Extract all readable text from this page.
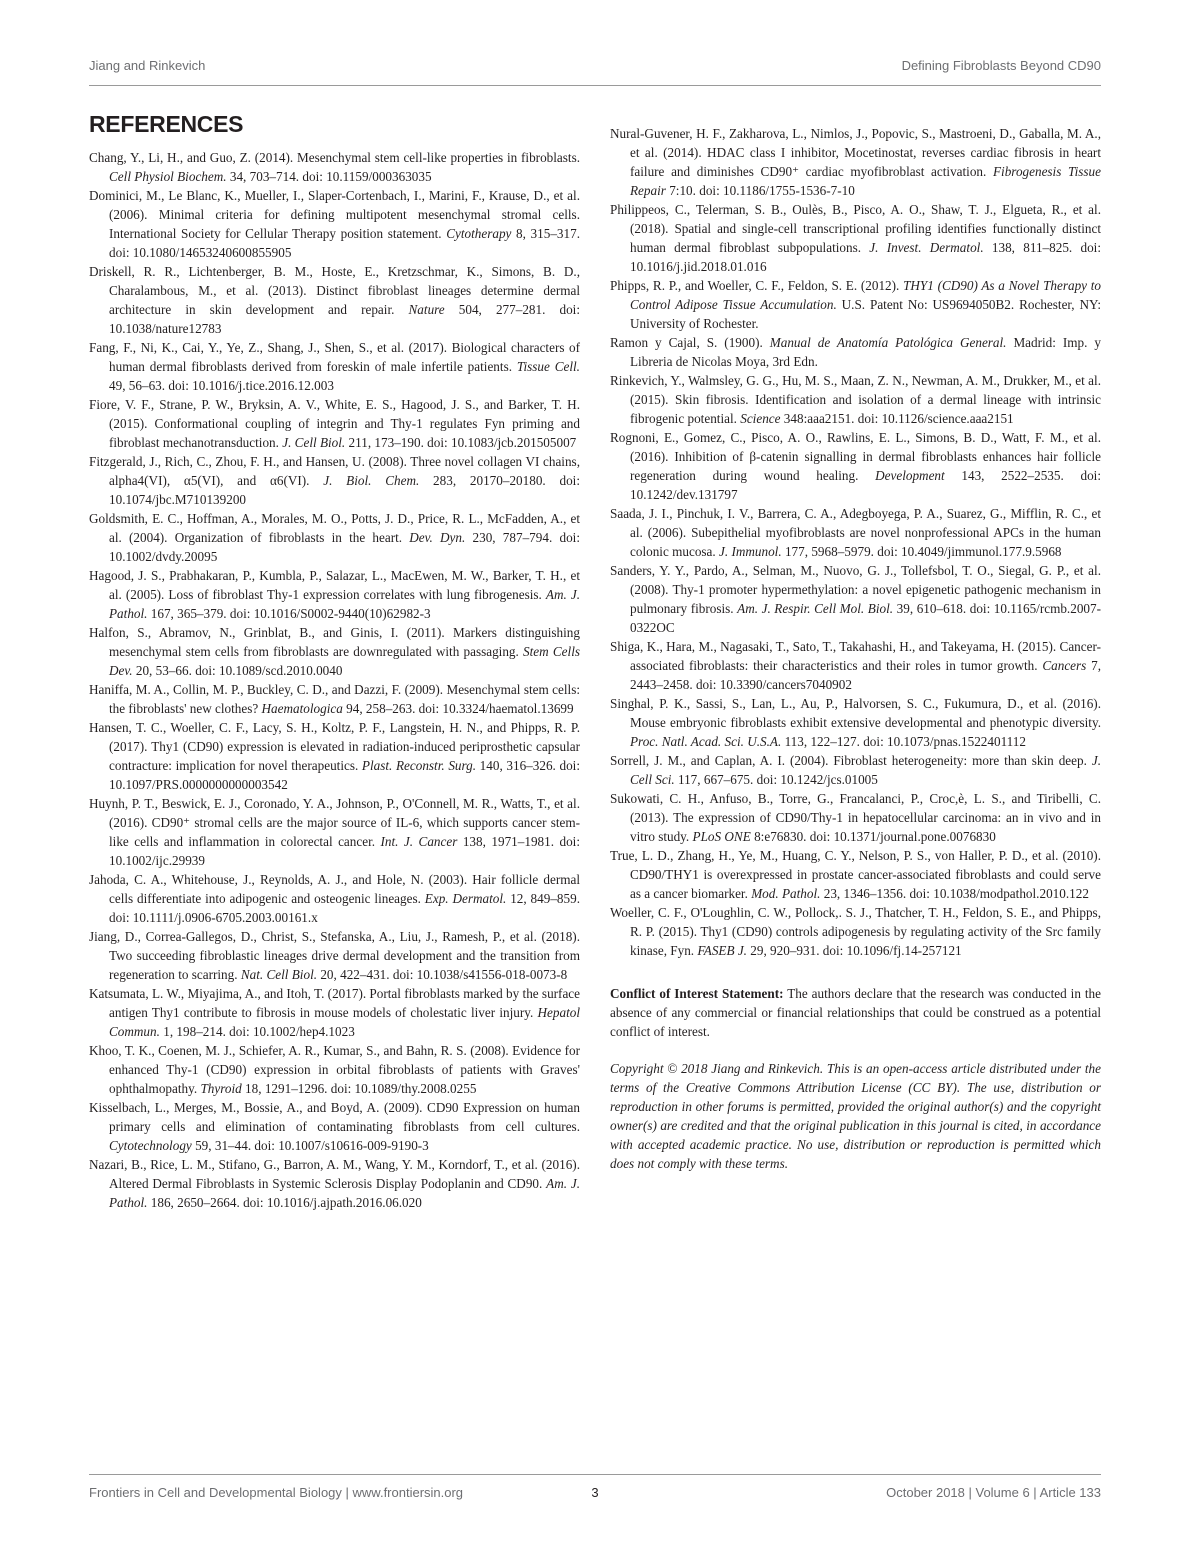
Jiang and Rinkevich	Defining Fibroblasts Beyond CD90
REFERENCES

Chang, Y., Li, H., and Guo, Z. (2014). Mesenchymal stem cell-like properties in fibroblasts. Cell Physiol Biochem. 34, 703–714. doi: 10.1159/000363035

Dominici, M., Le Blanc, K., Mueller, I., Slaper-Cortenbach, I., Marini, F., Krause, D., et al. (2006). Minimal criteria for defining multipotent mesenchymal stromal cells. International Society for Cellular Therapy position statement. Cytotherapy 8, 315–317. doi: 10.1080/14653240600855905

Driskell, R. R., Lichtenberger, B. M., Hoste, E., Kretzschmar, K., Simons, B. D., Charalambous, M., et al. (2013). Distinct fibroblast lineages determine dermal architecture in skin development and repair. Nature 504, 277–281. doi: 10.1038/nature12783

Fang, F., Ni, K., Cai, Y., Ye, Z., Shang, J., Shen, S., et al. (2017). Biological characters of human dermal fibroblasts derived from foreskin of male infertile patients. Tissue Cell. 49, 56–63. doi: 10.1016/j.tice.2016.12.003

Fiore, V. F., Strane, P. W., Bryksin, A. V., White, E. S., Hagood, J. S., and Barker, T. H. (2015). Conformational coupling of integrin and Thy-1 regulates Fyn priming and fibroblast mechanotransduction. J. Cell Biol. 211, 173–190. doi: 10.1083/jcb.201505007

Fitzgerald, J., Rich, C., Zhou, F. H., and Hansen, U. (2008). Three novel collagen VI chains, alpha4(VI), α5(VI), and α6(VI). J. Biol. Chem. 283, 20170–20180. doi: 10.1074/jbc.M710139200

Goldsmith, E. C., Hoffman, A., Morales, M. O., Potts, J. D., Price, R. L., McFadden, A., et al. (2004). Organization of fibroblasts in the heart. Dev. Dyn. 230, 787–794. doi: 10.1002/dvdy.20095

Hagood, J. S., Prabhakaran, P., Kumbla, P., Salazar, L., MacEwen, M. W., Barker, T. H., et al. (2005). Loss of fibroblast Thy-1 expression correlates with lung fibrogenesis. Am. J. Pathol. 167, 365–379. doi: 10.1016/S0002-9440(10)62982-3

Halfon, S., Abramov, N., Grinblat, B., and Ginis, I. (2011). Markers distinguishing mesenchymal stem cells from fibroblasts are downregulated with passaging. Stem Cells Dev. 20, 53–66. doi: 10.1089/scd.2010.0040

Haniffa, M. A., Collin, M. P., Buckley, C. D., and Dazzi, F. (2009). Mesenchymal stem cells: the fibroblasts' new clothes? Haematologica 94, 258–263. doi: 10.3324/haematol.13699

Hansen, T. C., Woeller, C. F., Lacy, S. H., Koltz, P. F., Langstein, H. N., and Phipps, R. P. (2017). Thy1 (CD90) expression is elevated in radiation-induced periprosthetic capsular contracture: implication for novel therapeutics. Plast. Reconstr. Surg. 140, 316–326. doi: 10.1097/PRS.0000000000003542

Huynh, P. T., Beswick, E. J., Coronado, Y. A., Johnson, P., O'Connell, M. R., Watts, T., et al. (2016). CD90⁺ stromal cells are the major source of IL-6, which supports cancer stem-like cells and inflammation in colorectal cancer. Int. J. Cancer 138, 1971–1981. doi: 10.1002/ijc.29939

Jahoda, C. A., Whitehouse, J., Reynolds, A. J., and Hole, N. (2003). Hair follicle dermal cells differentiate into adipogenic and osteogenic lineages. Exp. Dermatol. 12, 849–859. doi: 10.1111/j.0906-6705.2003.00161.x

Jiang, D., Correa-Gallegos, D., Christ, S., Stefanska, A., Liu, J., Ramesh, P., et al. (2018). Two succeeding fibroblastic lineages drive dermal development and the transition from regeneration to scarring. Nat. Cell Biol. 20, 422–431. doi: 10.1038/s41556-018-0073-8

Katsumata, L. W., Miyajima, A., and Itoh, T. (2017). Portal fibroblasts marked by the surface antigen Thy1 contribute to fibrosis in mouse models of cholestatic liver injury. Hepatol Commun. 1, 198–214. doi: 10.1002/hep4.1023

Khoo, T. K., Coenen, M. J., Schiefer, A. R., Kumar, S., and Bahn, R. S. (2008). Evidence for enhanced Thy-1 (CD90) expression in orbital fibroblasts of patients with Graves' ophthalmopathy. Thyroid 18, 1291–1296. doi: 10.1089/thy.2008.0255

Kisselbach, L., Merges, M., Bossie, A., and Boyd, A. (2009). CD90 Expression on human primary cells and elimination of contaminating fibroblasts from cell cultures. Cytotechnology 59, 31–44. doi: 10.1007/s10616-009-9190-3

Nazari, B., Rice, L. M., Stifano, G., Barron, A. M., Wang, Y. M., Korndorf, T., et al. (2016). Altered Dermal Fibroblasts in Systemic Sclerosis Display Podoplanin and CD90. Am. J. Pathol. 186, 2650–2664. doi: 10.1016/j.ajpath.2016.06.020

Nural-Guvener, H. F., Zakharova, L., Nimlos, J., Popovic, S., Mastroeni, D., Gaballa, M. A., et al. (2014). HDAC class I inhibitor, Mocetinostat, reverses cardiac fibrosis in heart failure and diminishes CD90⁺ cardiac myofibroblast activation. Fibrogenesis Tissue Repair 7:10. doi: 10.1186/1755-1536-7-10

Philippeos, C., Telerman, S. B., Oulès, B., Pisco, A. O., Shaw, T. J., Elgueta, R., et al. (2018). Spatial and single-cell transcriptional profiling identifies functionally distinct human dermal fibroblast subpopulations. J. Invest. Dermatol. 138, 811–825. doi: 10.1016/j.jid.2018.01.016

Phipps, R. P., and Woeller, C. F., Feldon, S. E. (2012). THY1 (CD90) As a Novel Therapy to Control Adipose Tissue Accumulation. U.S. Patent No: US9694050B2. Rochester, NY: University of Rochester.

Ramon y Cajal, S. (1900). Manual de Anatomía Patológica General. Madrid: Imp. y Libreria de Nicolas Moya, 3rd Edn.

Rinkevich, Y., Walmsley, G. G., Hu, M. S., Maan, Z. N., Newman, A. M., Drukker, M., et al. (2015). Skin fibrosis. Identification and isolation of a dermal lineage with intrinsic fibrogenic potential. Science 348:aaa2151. doi: 10.1126/science.aaa2151

Rognoni, E., Gomez, C., Pisco, A. O., Rawlins, E. L., Simons, B. D., Watt, F. M., et al. (2016). Inhibition of β-catenin signalling in dermal fibroblasts enhances hair follicle regeneration during wound healing. Development 143, 2522–2535. doi: 10.1242/dev.131797

Saada, J. I., Pinchuk, I. V., Barrera, C. A., Adegboyega, P. A., Suarez, G., Mifflin, R. C., et al. (2006). Subepithelial myofibroblasts are novel nonprofessional APCs in the human colonic mucosa. J. Immunol. 177, 5968–5979. doi: 10.4049/jimmunol.177.9.5968

Sanders, Y. Y., Pardo, A., Selman, M., Nuovo, G. J., Tollefsbol, T. O., Siegal, G. P., et al. (2008). Thy-1 promoter hypermethylation: a novel epigenetic pathogenic mechanism in pulmonary fibrosis. Am. J. Respir. Cell Mol. Biol. 39, 610–618. doi: 10.1165/rcmb.2007-0322OC

Shiga, K., Hara, M., Nagasaki, T., Sato, T., Takahashi, H., and Takeyama, H. (2015). Cancer-associated fibroblasts: their characteristics and their roles in tumor growth. Cancers 7, 2443–2458. doi: 10.3390/cancers7040902

Singhal, P. K., Sassi, S., Lan, L., Au, P., Halvorsen, S. C., Fukumura, D., et al. (2016). Mouse embryonic fibroblasts exhibit extensive developmental and phenotypic diversity. Proc. Natl. Acad. Sci. U.S.A. 113, 122–127. doi: 10.1073/pnas.1522401112

Sorrell, J. M., and Caplan, A. I. (2004). Fibroblast heterogeneity: more than skin deep. J. Cell Sci. 117, 667–675. doi: 10.1242/jcs.01005

Sukowati, C. H., Anfuso, B., Torre, G., Francalanci, P., Croc,è, L. S., and Tiribelli, C. (2013). The expression of CD90/Thy-1 in hepatocellular carcinoma: an in vivo and in vitro study. PLoS ONE 8:e76830. doi: 10.1371/journal.pone.0076830

True, L. D., Zhang, H., Ye, M., Huang, C. Y., Nelson, P. S., von Haller, P. D., et al. (2010). CD90/THY1 is overexpressed in prostate cancer-associated fibroblasts and could serve as a cancer biomarker. Mod. Pathol. 23, 1346–1356. doi: 10.1038/modpathol.2010.122

Woeller, C. F., O'Loughlin, C. W., Pollock,. S. J., Thatcher, T. H., Feldon, S. E., and Phipps, R. P. (2015). Thy1 (CD90) controls adipogenesis by regulating activity of the Src family kinase, Fyn. FASEB J. 29, 920–931. doi: 10.1096/fj.14-257121

Conflict of Interest Statement: The authors declare that the research was conducted in the absence of any commercial or financial relationships that could be construed as a potential conflict of interest.

Copyright © 2018 Jiang and Rinkevich. This is an open-access article distributed under the terms of the Creative Commons Attribution License (CC BY). The use, distribution or reproduction in other forums is permitted, provided the original author(s) and the copyright owner(s) are credited and that the original publication in this journal is cited, in accordance with accepted academic practice. No use, distribution or reproduction is permitted which does not comply with these terms.

Frontiers in Cell and Developmental Biology | www.frontiersin.org	3	October 2018 | Volume 6 | Article 133
